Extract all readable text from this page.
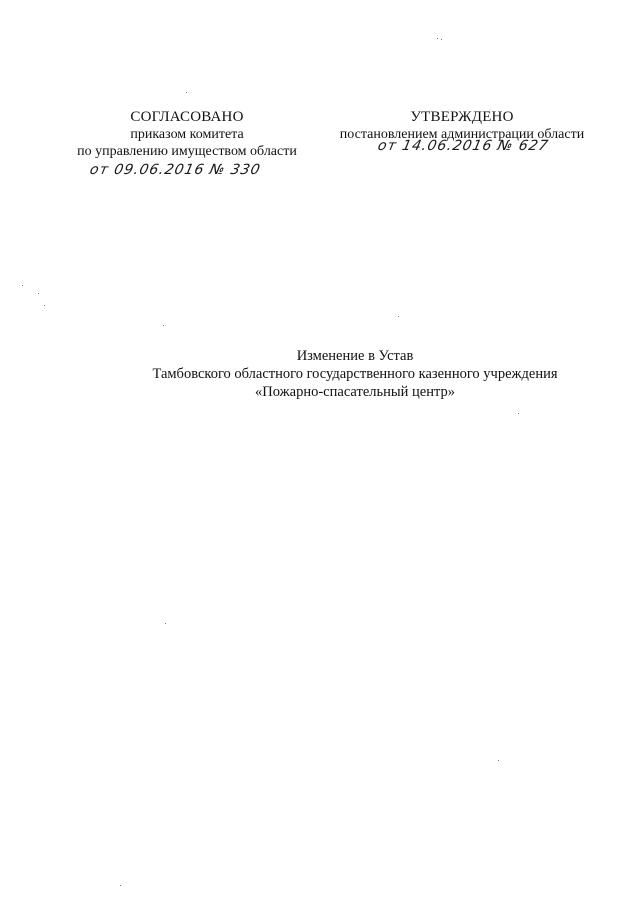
СОГЛАСОВАНО
приказом комитета
по управлению имуществом области
от 09.06.2016 № 330
УТВЕРЖДЕНО
постановлением администрации области
от 14.06.2016 № 627
Изменение в Устав
Тамбовского областного государственного казенного учреждения
«Пожарно-спасательный центр»
